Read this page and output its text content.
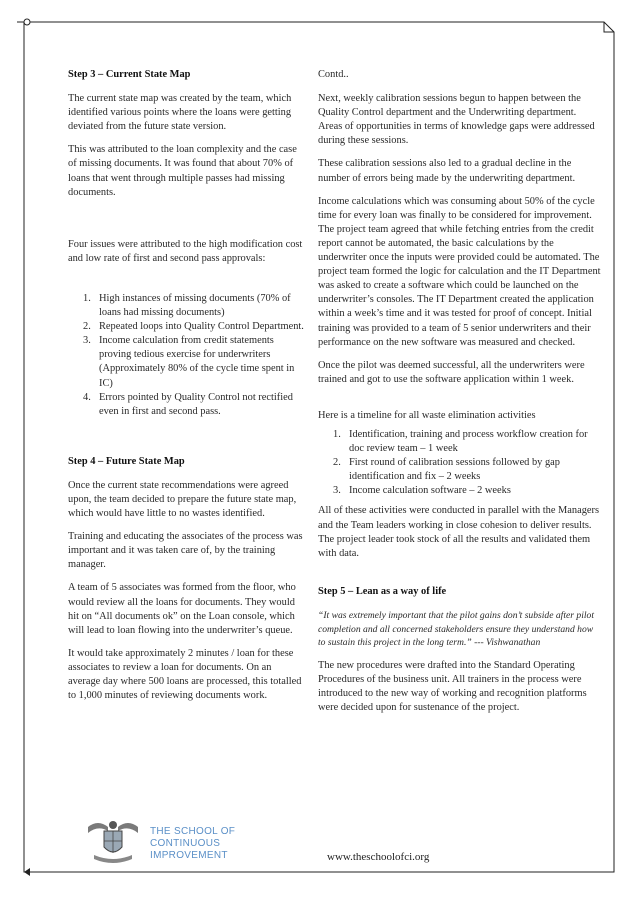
Step 3 – Current State Map

The current state map was created by the team, which identified various points where the loans were getting deviated from the future state version.

This was attributed to the loan complexity and the case of missing documents. It was found that about 70% of loans that went through multiple passes had missing documents.

Four issues were attributed to the high modification cost and low rate of first and second pass approvals:

1. High instances of missing documents (70% of loans had missing documents)
2. Repeated loops into Quality Control Department.
3. Income calculation from credit statements proving tedious exercise for underwriters (Approximately 80% of the cycle time spent in IC)
4. Errors pointed by Quality Control not rectified even in first and second pass.

Step 4 – Future State Map

Once the current state recommendations were agreed upon, the team decided to prepare the future state map, which would have little to no wastes identified.

Training and educating the associates of the process was important and it was taken care of, by the training manager.

A team of 5 associates was formed from the floor, who would review all the loans for documents. They would hit on “All documents ok” on the Loan console, which will lead to loan flowing into the underwriter’s queue.

It would take approximately 2 minutes / loan for these associates to review a loan for documents. On an average day where 500 loans are processed, this totalled to 1,000 minutes of reviewing documents work.

Contd..

Next, weekly calibration sessions begun to happen between the Quality Control department and the Underwriting department. Areas of opportunities in terms of knowledge gaps were addressed during these sessions.

These calibration sessions also led to a gradual decline in the number of errors being made by the underwriting department.

Income calculations which was consuming about 50% of the cycle time for every loan was finally to be considered for improvement. The project team agreed that while fetching entries from the credit report cannot be automated, the basic calculations by the underwriter once the inputs were provided could be automated. The project team formed the logic for calculation and the IT Department was asked to create a software which could be launched on the underwriter’s consoles. The IT Department created the application within a week’s time and it was tested for proof of concept. Initial training was provided to a team of 5 senior underwriters and their performance on the new software was measured and checked.

Once the pilot was deemed successful, all the underwriters were trained and got to use the software application within 1 week.

Here is a timeline for all waste elimination activities

1. Identification, training and process workflow creation for doc review team – 1 week
2. First round of calibration sessions followed by gap identification and fix – 2 weeks
3. Income calculation software – 2 weeks

All of these activities were conducted in parallel with the Managers and the Team leaders working in close cohesion to deliver results. The project leader took stock of all the results and validated them with data.

Step 5 – Lean as a way of life

“It was extremely important that the pilot gains don’t subside after pilot completion and all concerned stakeholders ensure they understand how to sustain this project in the long term.” --- Vishwanathan

The new procedures were drafted into the Standard Operating Procedures of the business unit. All trainers in the process were introduced to the new way of working and recognition platforms were decided upon for sustenance of the project.

THE SCHOOL OF
CONTINUOUS IMPROVEMENT	www.theschoolofci.org
